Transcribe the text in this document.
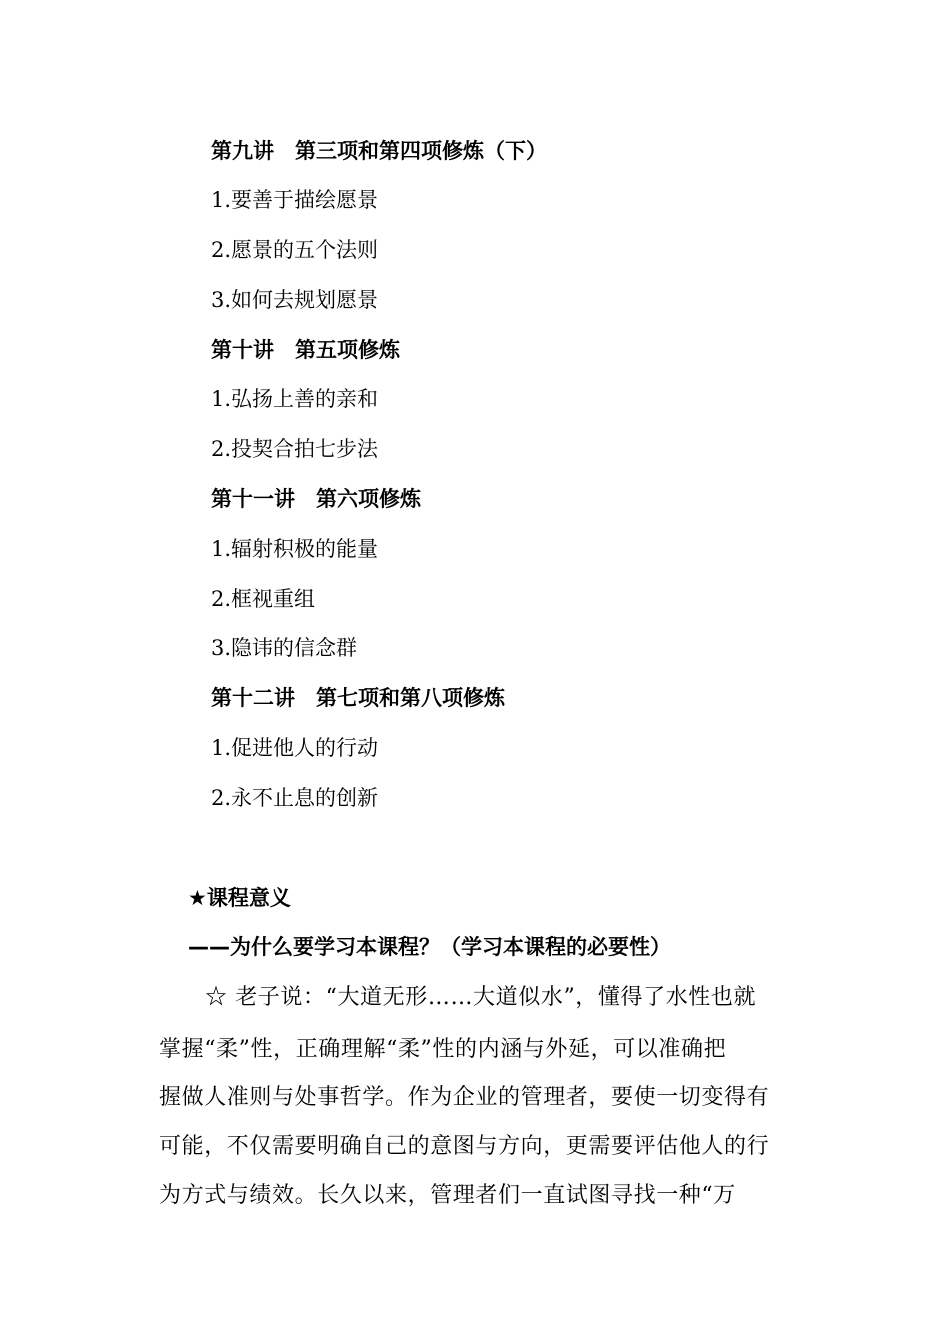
第九讲　第三项和第四项修炼（下）
1.要善于描绘愿景
2.愿景的五个法则
3.如何去规划愿景
第十讲　第五项修炼
1.弘扬上善的亲和
2.投契合拍七步法
第十一讲　第六项修炼
1.辐射积极的能量
2.框视重组
3.隐讳的信念群
第十二讲　第七项和第八项修炼
1.促进他人的行动
2.永不止息的创新
★课程意义
——为什么要学习本课程？（学习本课程的必要性）
☆ 老子说：“大道无形……大道似水”，懂得了水性也就
掌握“柔”性，正确理解“柔”性的内涵与外延，可以准确把
握做人准则与处事哲学。作为企业的管理者，要使一切变得有
可能，不仅需要明确自己的意图与方向，更需要评估他人的行
为方式与绩效。长久以来，管理者们一直试图寻找一种“万
